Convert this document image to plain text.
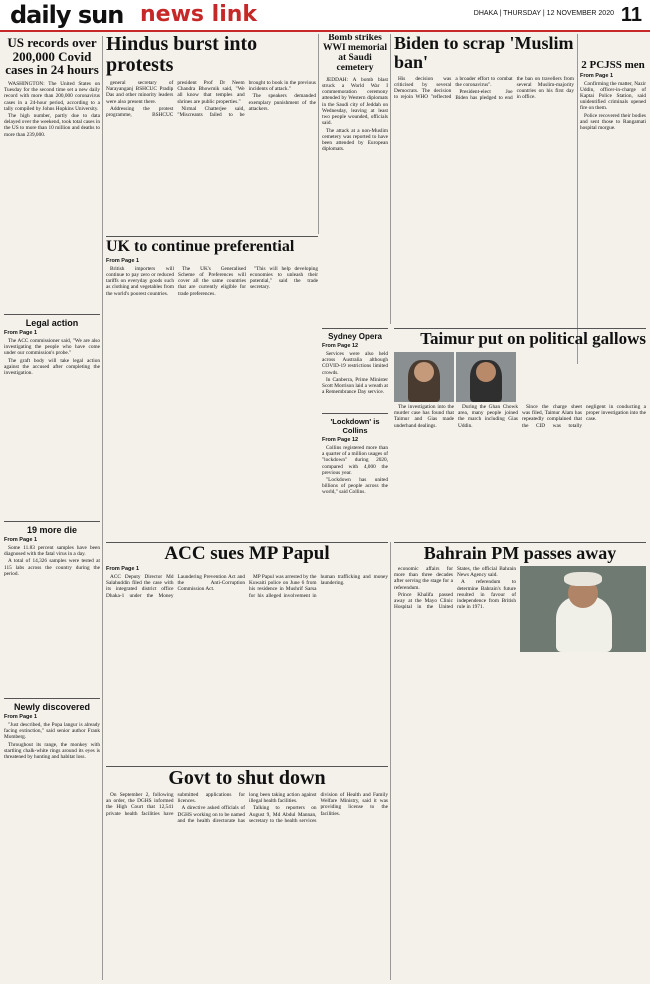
daily sun news link	DHAKA | THURSDAY | 12 NOVEMBER 2020 11
US records over 200,000 Covid cases in 24 hours

WASHINGTON: The United States on Tuesday for the second time set a new daily record with more than 200,000 coronavirus cases in a 24-hour period, according to a tally compiled by Johns Hopkins University.

The high number, partly due to data delayed over the weekend, took total cases in the US to more than 10 million and deaths to more than 239,000.

Legal action
From Page 1

The ACC commissioner said, "We are also investigating the people who have come under our commission's probe."

The graft body will take legal action against the accused after completing the investigation.

19 more die
From Page 1

Some 11.83 percent samples have been diagnosed with the fatal virus in a day.

A total of 14,326 samples were tested at 115 labs across the country during the period.

Newly discovered
From Page 1

"Just described, the Popa langur is already facing extinction," said senior author Frank Momberg.

Throughout its range, the monkey with startling chalk-white rings around its eyes is threatened by hunting and habitat loss.

Hindus burst into protests

general secretary of Narayanganj BSHCUC Pradip Das and other minority leaders were also present there.

Addressing the protest programme, BSHCUC president Prof Dr Neem Chandra Bhowmik said, "We all know that temples and shrines are public properties."

Nirmal Chatterjee said, "Miscreants failed to be brought to book in the previous incidents of attack."

The speakers demanded exemplary punishment of the attackers.

Bomb strikes WWI memorial at Saudi cemetery

JEDDAH: A bomb blast struck a World War I commemoration ceremony attended by Western diplomats in the Saudi city of Jeddah on Wednesday, leaving at least two people wounded, officials said.

The attack at a non-Muslim cemetery was reported to have been attended by European diplomats.

Biden to scrap 'Muslim ban'

His decision was criticised by several Democrats. The decision to rejoin WHO "reflected a broader effort to combat the coronavirus".

President-elect Joe Biden has pledged to end the ban on travellers from several Muslim-majority countries on his first day in office.

2 PCJSS men
From Page 1

Confirming the matter, Nazir Uddin, officer-in-charge of Kaptai Police Station, said unidentified criminals opened fire on them.

Police recovered their bodies and sent those to Rangamati hospital morgue.

UK to continue preferential
From Page 1

British importers will continue to pay zero or reduced tariffs on everyday goods such as clothing and vegetables from the world's poorest countries.

The UK's Generalised Scheme of Preferences will cover all the same countries that are currently eligible for trade preferences.

"This will help developing economies to unleash their potential," said the trade secretary.

Sydney Opera
From Page 12

Services were also held across Australia although COVID-19 restrictions limited crowds.

In Canberra, Prime Minister Scott Morrison laid a wreath at a Remembrance Day service.

'Lockdown' is Collins
From Page 12

Collins registered more than a quarter of a million usages of "lockdown" during 2020, compared with 4,000 the previous year.

"Lockdown has united billions of people across the world," said Collins.

Taimur put on political gallows

The investigation into the murder case has found that Taimur and Gias made underhand dealings.

During the Ghan Chowk area, many people joined the march including Gias Uddin.

Since the charge sheet was filed, Taimur Alam has repeatedly complained that the CID was totally negligent in conducting a proper investigation into the case.

ACC sues MP Papul
From Page 1

ACC Deputy Director Md Salahuddin filed the case with its integrated district office Dhaka-1 under the Money Laundering Prevention Act and the Anti-Corruption Commission Act.

MP Papul was arrested by the Kuwaiti police on June 6 from his residence in Mushrif Sarsa for his alleged involvement in human trafficking and money laundering.

Bahrain PM passes away

economic affairs for more than three decades after serving the stage for a referendum.

Prince Khalifa passed away at the Mayo Clinic Hospital in the United States, the official Bahrain News Agency said.

A referendum to determine Bahrain's future resulted in favour of independence from British rule in 1971.

Govt to shut down

On September 2, following an order, the DGHS informed the High Court that 12,541 private health facilities have submitted applications for licences.

A directive asked officials of DGHS working on to be named and the health directorate has long been taking action against illegal health facilities.

Talking to reporters on August 9, Md Abdul Mannan, secretary to the health services division of Health and Family Welfare Ministry, said it was providing license to the facilities.
